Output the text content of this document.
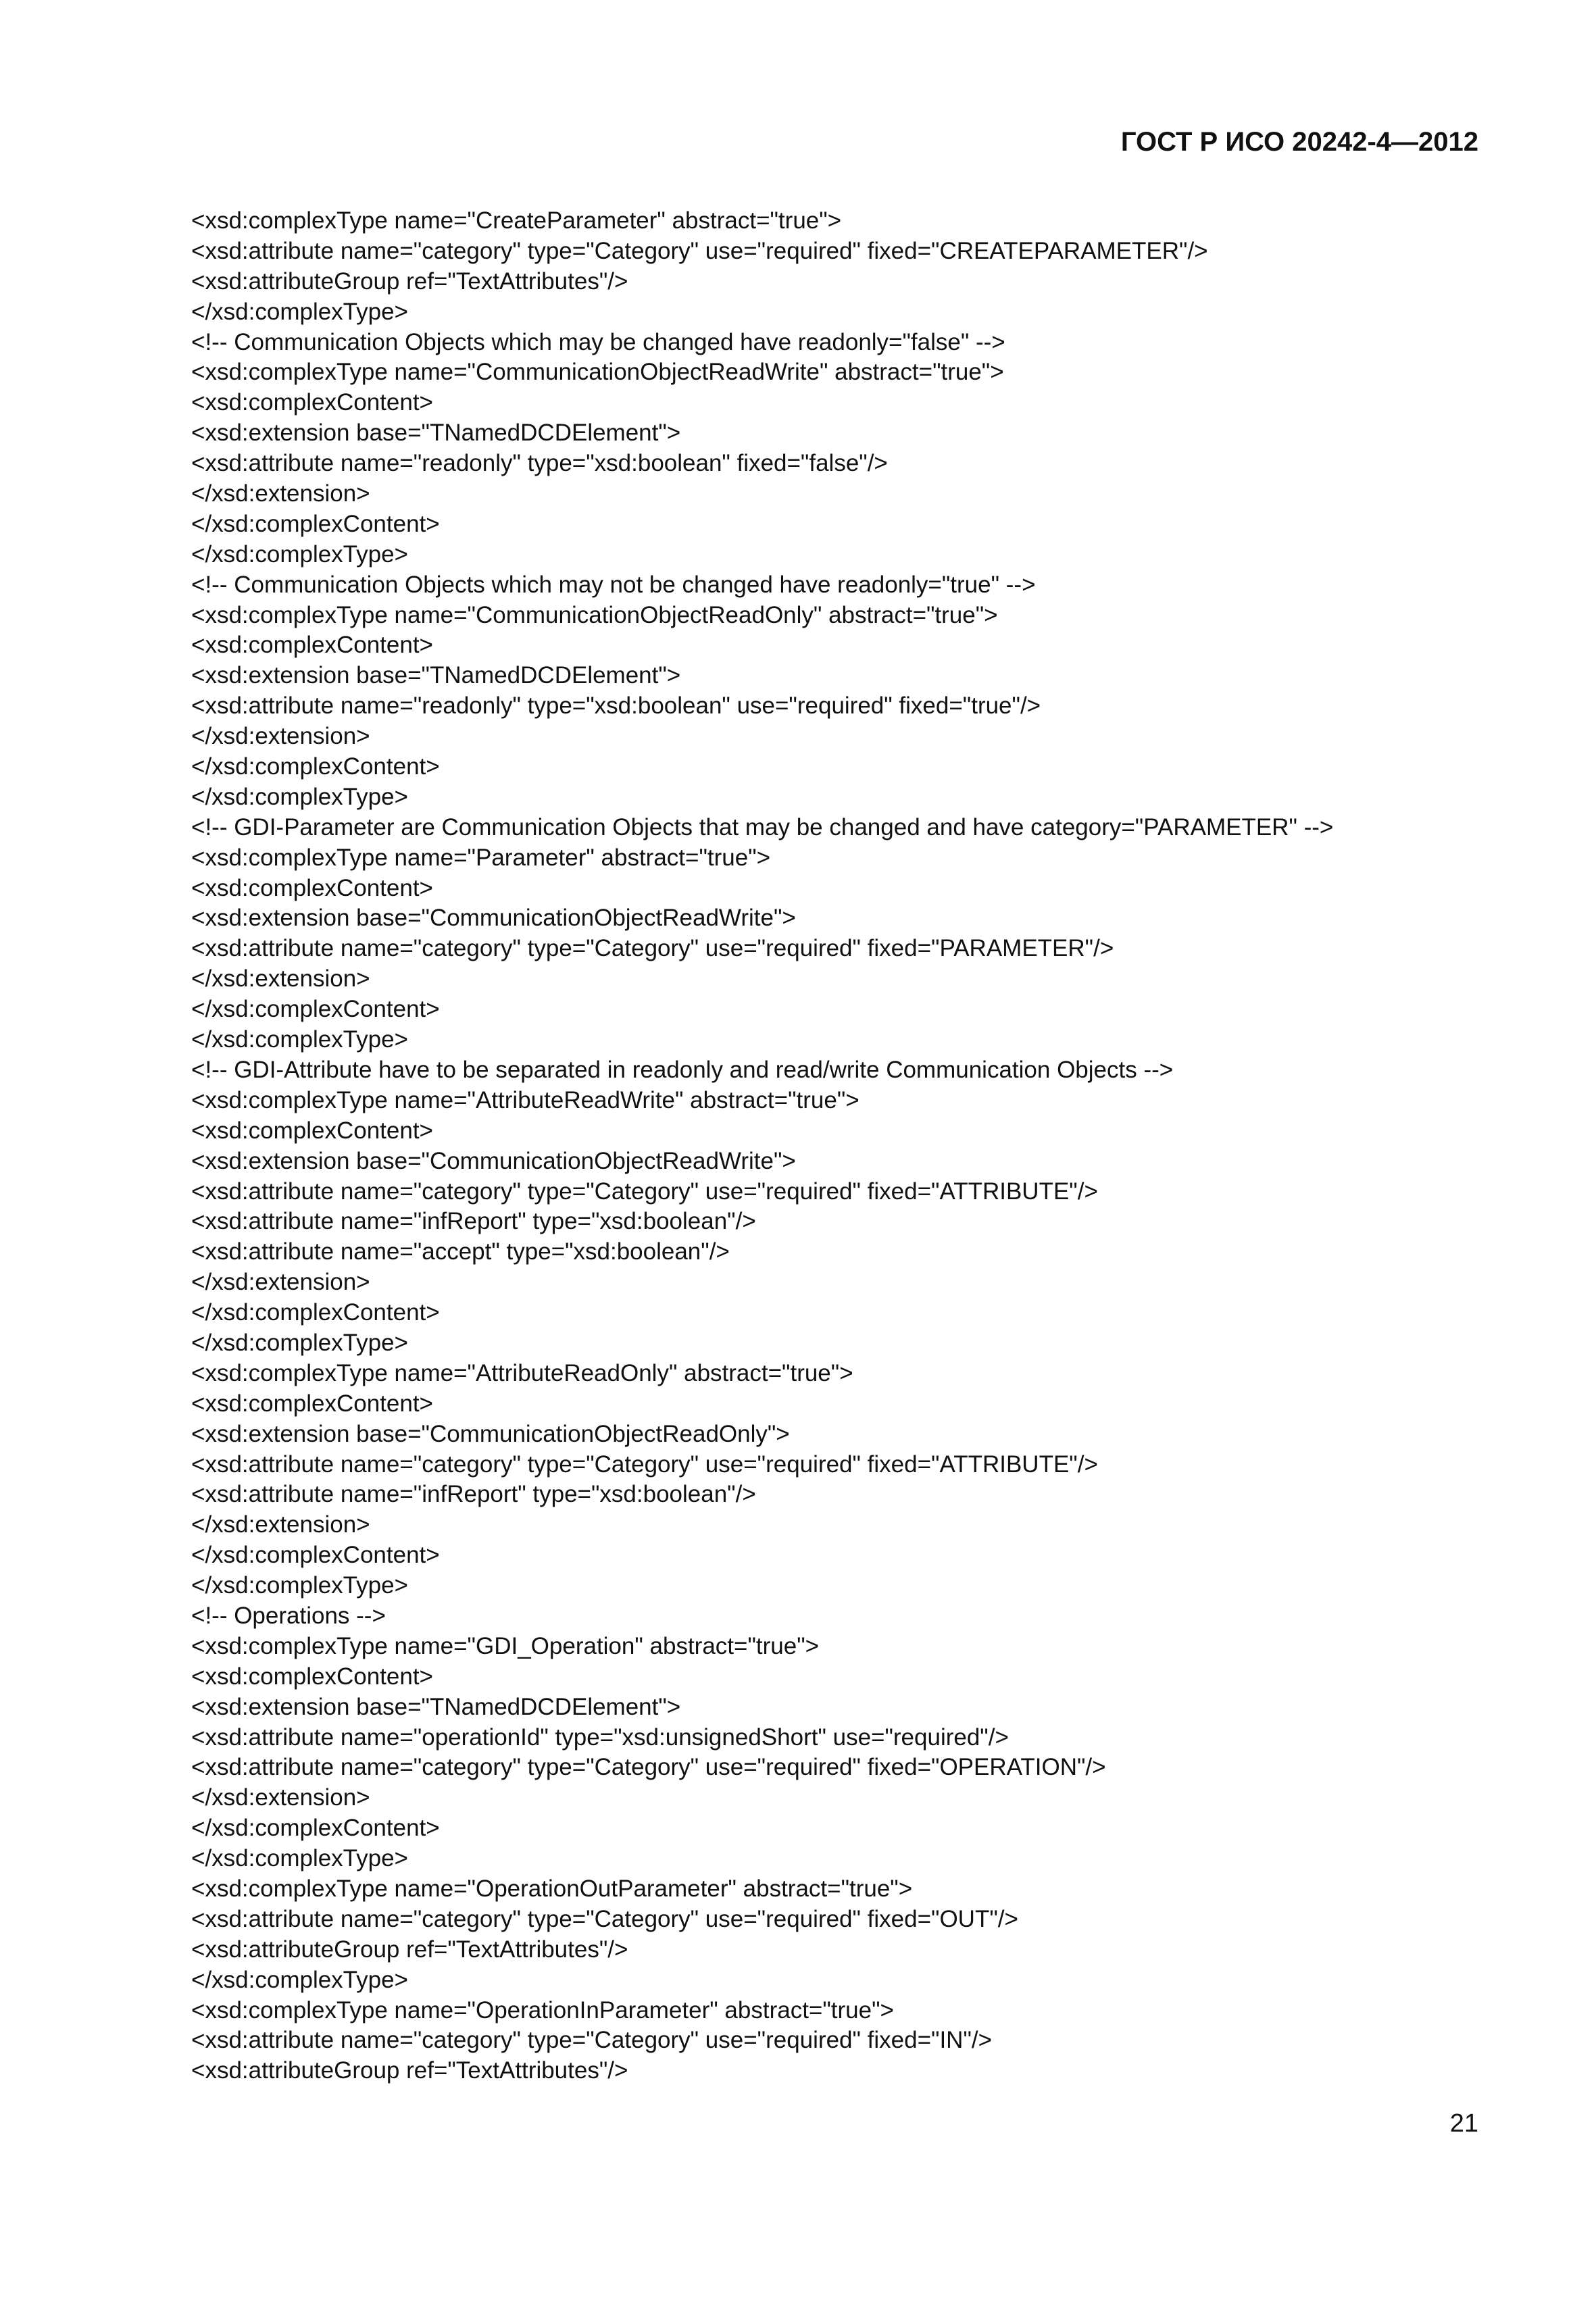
ГОСТ Р ИСО 20242-4—2012
<xsd:complexType name="CreateParameter" abstract="true">
<xsd:attribute name="category" type="Category" use="required" fixed="CREATEPARAMETER"/>
<xsd:attributeGroup ref="TextAttributes"/>
</xsd:complexType>
<!-- Communication Objects which may be changed have readonly="false" -->
<xsd:complexType name="CommunicationObjectReadWrite" abstract="true">
<xsd:complexContent>
<xsd:extension base="TNamedDCDElement">
<xsd:attribute name="readonly" type="xsd:boolean" fixed="false"/>
</xsd:extension>
</xsd:complexContent>
</xsd:complexType>
<!-- Communication Objects which may not be changed have readonly="true" -->
<xsd:complexType name="CommunicationObjectReadOnly" abstract="true">
<xsd:complexContent>
<xsd:extension base="TNamedDCDElement">
<xsd:attribute name="readonly" type="xsd:boolean" use="required" fixed="true"/>
</xsd:extension>
</xsd:complexContent>
</xsd:complexType>
<!-- GDI-Parameter are Communication Objects that may be changed and have category="PARAMETER" -->
<xsd:complexType name="Parameter" abstract="true">
<xsd:complexContent>
<xsd:extension base="CommunicationObjectReadWrite">
<xsd:attribute name="category" type="Category" use="required" fixed="PARAMETER"/>
</xsd:extension>
</xsd:complexContent>
</xsd:complexType>
<!-- GDI-Attribute have to be separated in readonly and read/write Communication Objects -->
<xsd:complexType name="AttributeReadWrite" abstract="true">
<xsd:complexContent>
<xsd:extension base="CommunicationObjectReadWrite">
<xsd:attribute name="category" type="Category" use="required" fixed="ATTRIBUTE"/>
<xsd:attribute name="infReport" type="xsd:boolean"/>
<xsd:attribute name="accept" type="xsd:boolean"/>
</xsd:extension>
</xsd:complexContent>
</xsd:complexType>
<xsd:complexType name="AttributeReadOnly" abstract="true">
<xsd:complexContent>
<xsd:extension base="CommunicationObjectReadOnly">
<xsd:attribute name="category" type="Category" use="required" fixed="ATTRIBUTE"/>
<xsd:attribute name="infReport" type="xsd:boolean"/>
</xsd:extension>
</xsd:complexContent>
</xsd:complexType>
<!-- Operations -->
<xsd:complexType name="GDI_Operation" abstract="true">
<xsd:complexContent>
<xsd:extension base="TNamedDCDElement">
<xsd:attribute name="operationId" type="xsd:unsignedShort" use="required"/>
<xsd:attribute name="category" type="Category" use="required" fixed="OPERATION"/>
</xsd:extension>
</xsd:complexContent>
</xsd:complexType>
<xsd:complexType name="OperationOutParameter" abstract="true">
<xsd:attribute name="category" type="Category" use="required" fixed="OUT"/>
<xsd:attributeGroup ref="TextAttributes"/>
</xsd:complexType>
<xsd:complexType name="OperationInParameter" abstract="true">
<xsd:attribute name="category" type="Category" use="required" fixed="IN"/>
<xsd:attributeGroup ref="TextAttributes"/>
21
